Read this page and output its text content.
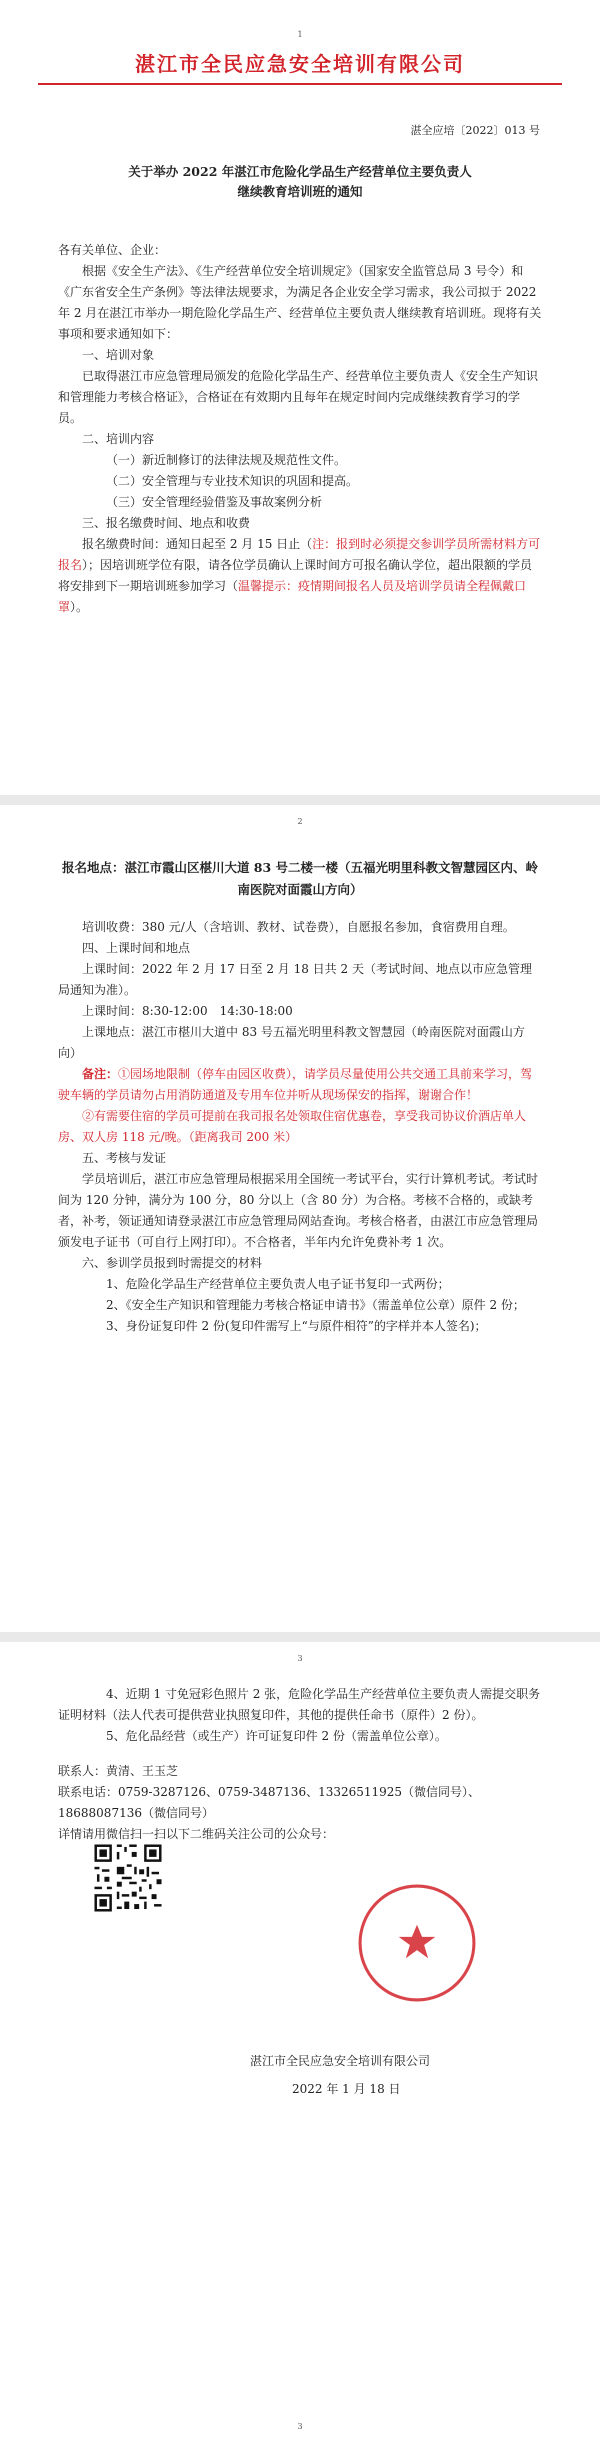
1
湛江市全民应急安全培训有限公司
湛全应培〔2022〕013 号
关于举办 2022 年湛江市危险化学品生产经营单位主要负责人
继续教育培训班的通知

各有关单位、企业：

根据《安全生产法》、《生产经营单位安全培训规定》（国家安全监管总局 3 号令）和《广东省安全生产条例》等法律法规要求，为满足各企业安全学习需求，我公司拟于 2022 年 2 月在湛江市举办一期危险化学品生产、经营单位主要负责人继续教育培训班。现将有关事项和要求通知如下：

一、培训对象

已取得湛江市应急管理局颁发的危险化学品生产、经营单位主要负责人《安全生产知识和管理能力考核合格证》，合格证在有效期内且每年在规定时间内完成继续教育学习的学员。

二、培训内容

（一）新近制修订的法律法规及规范性文件。

（二）安全管理与专业技术知识的巩固和提高。

（三）安全管理经验借鉴及事故案例分析

三、报名缴费时间、地点和收费

报名缴费时间：通知日起至 2 月 15 日止（注：报到时必须提交参训学员所需材料方可报名）；因培训班学位有限，请各位学员确认上课时间方可报名确认学位，超出限额的学员将安排到下一期培训班参加学习（温馨提示：疫情期间报名人员及培训学员请全程佩戴口罩）。

2
报名地点：湛江市霞山区椹川大道 83 号二楼一楼（五福光明里科教文智慧园区内、岭南医院对面霞山方向）

培训收费：380 元/人（含培训、教材、试卷费），自愿报名参加，食宿费用自理。

四、上课时间和地点

上课时间：2022 年 2 月 17 日至 2 月 18 日共 2 天（考试时间、地点以市应急管理局通知为准）。

上课时间：8:30-12:00　14:30-18:00

上课地点：湛江市椹川大道中 83 号五福光明里科教文智慧园（岭南医院对面霞山方向）

备注：①园场地限制（停车由园区收费），请学员尽量使用公共交通工具前来学习，驾驶车辆的学员请勿占用消防通道及专用车位并听从现场保安的指挥，谢谢合作！

②有需要住宿的学员可提前在我司报名处领取住宿优惠卷，享受我司协议价酒店单人房、双人房 118 元/晚。（距离我司 200 米）

五、考核与发证

学员培训后，湛江市应急管理局根据采用全国统一考试平台，实行计算机考试。考试时间为 120 分钟，满分为 100 分，80 分以上（含 80 分）为合格。考核不合格的，或缺考者，补考，领证通知请登录湛江市应急管理局网站查询。考核合格者，由湛江市应急管理局颁发电子证书（可自行上网打印）。不合格者，半年内允许免费补考 1 次。

六、参训学员报到时需提交的材料

1、危险化学品生产经营单位主要负责人电子证书复印一式两份；

2、《安全生产知识和管理能力考核合格证申请书》（需盖单位公章）原件 2 份；

3、身份证复印件 2 份(复印件需写上“与原件相符”的字样并本人签名)；

3

4、近期 1 寸免冠彩色照片 2 张，危险化学品生产经营单位主要负责人需提交职务证明材料（法人代表可提供营业执照复印件，其他的提供任命书（原件）2 份）。

5、危化品经营（或生产）许可证复印件 2 份（需盖单位公章）。

联系人：黄清、王玉芝

联系电话：0759-3287126、0759-3487136、13326511925（微信同号）、18688087136（微信同号）

详情请用微信扫一扫以下二维码关注公司的公众号：

湛江市全民应急安全培训有限公司
2022 年 1 月 18 日
3
